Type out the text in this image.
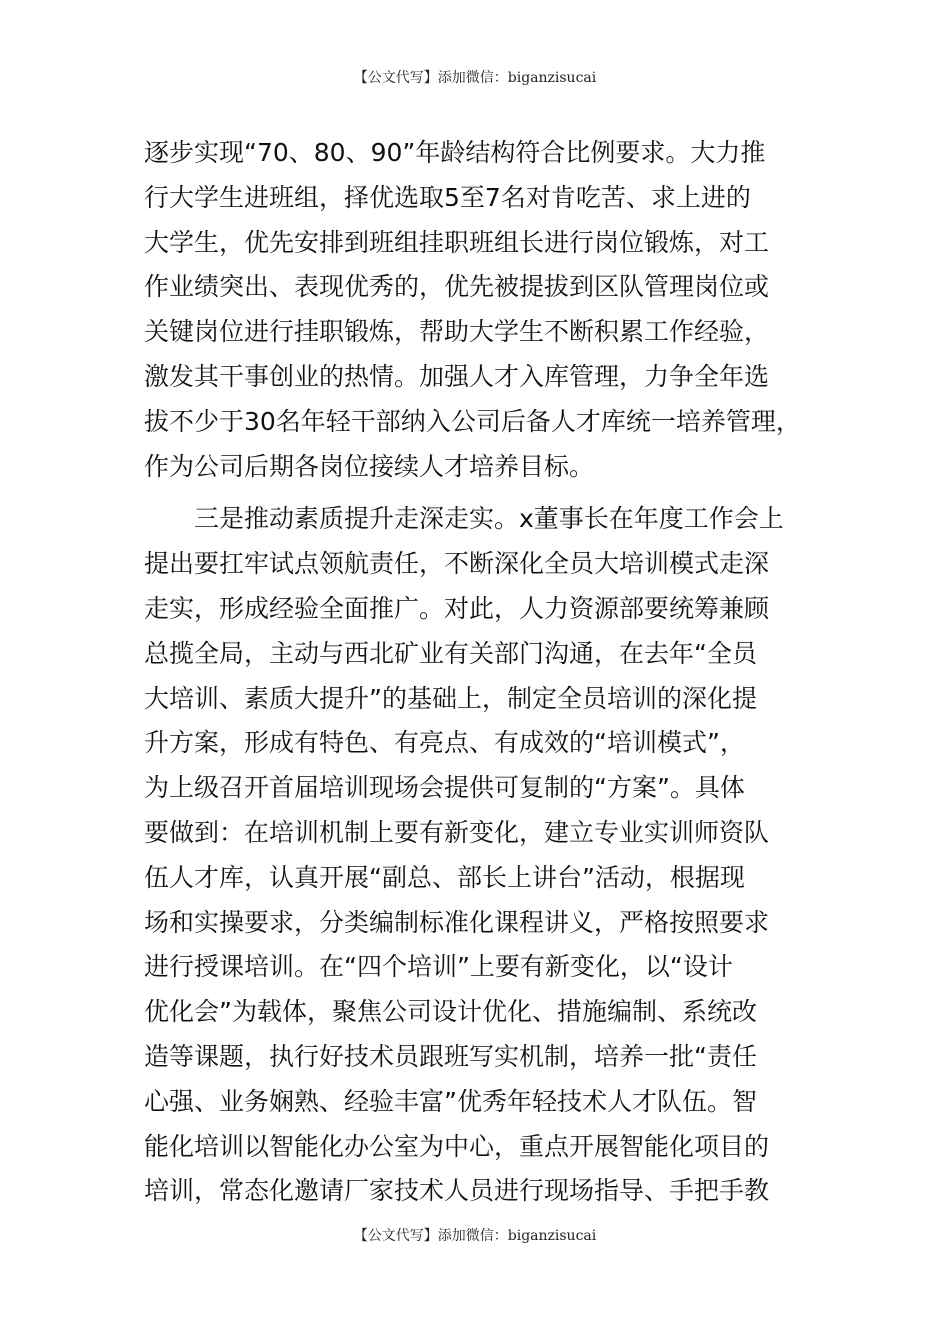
【公文代写】添加微信：biganzisucai
逐步实现“70、80、90”年龄结构符合比例要求。大力推
行大学生进班组，择优选取5至7名对肯吃苦、求上进的
大学生，优先安排到班组挂职班组长进行岗位锻炼，对工
作业绩突出、表现优秀的，优先被提拔到区队管理岗位或
关键岗位进行挂职锻炼，帮助大学生不断积累工作经验，
激发其干事创业的热情。加强人才入库管理，力争全年选
拔不少于30名年轻干部纳入公司后备人才库统一培养管理，
作为公司后期各岗位接续人才培养目标。
三是推动素质提升走深走实。x董事长在年度工作会上
提出要扛牢试点领航责任，不断深化全员大培训模式走深
走实，形成经验全面推广。对此，人力资源部要统筹兼顾
总揽全局，主动与西北矿业有关部门沟通，在去年“全员
大培训、素质大提升”的基础上，制定全员培训的深化提
升方案，形成有特色、有亮点、有成效的“培训模式”，
为上级召开首届培训现场会提供可复制的“方案”。具体
要做到：在培训机制上要有新变化，建立专业实训师资队
伍人才库，认真开展“副总、部长上讲台”活动，根据现
场和实操要求，分类编制标准化课程讲义，严格按照要求
进行授课培训。在“四个培训”上要有新变化，以“设计
优化会”为载体，聚焦公司设计优化、措施编制、系统改
造等课题，执行好技术员跟班写实机制，培养一批“责任
心强、业务娴熟、经验丰富”优秀年轻技术人才队伍。智
能化培训以智能化办公室为中心，重点开展智能化项目的
培训，常态化邀请厂家技术人员进行现场指导、手把手教
【公文代写】添加微信：biganzisucai
